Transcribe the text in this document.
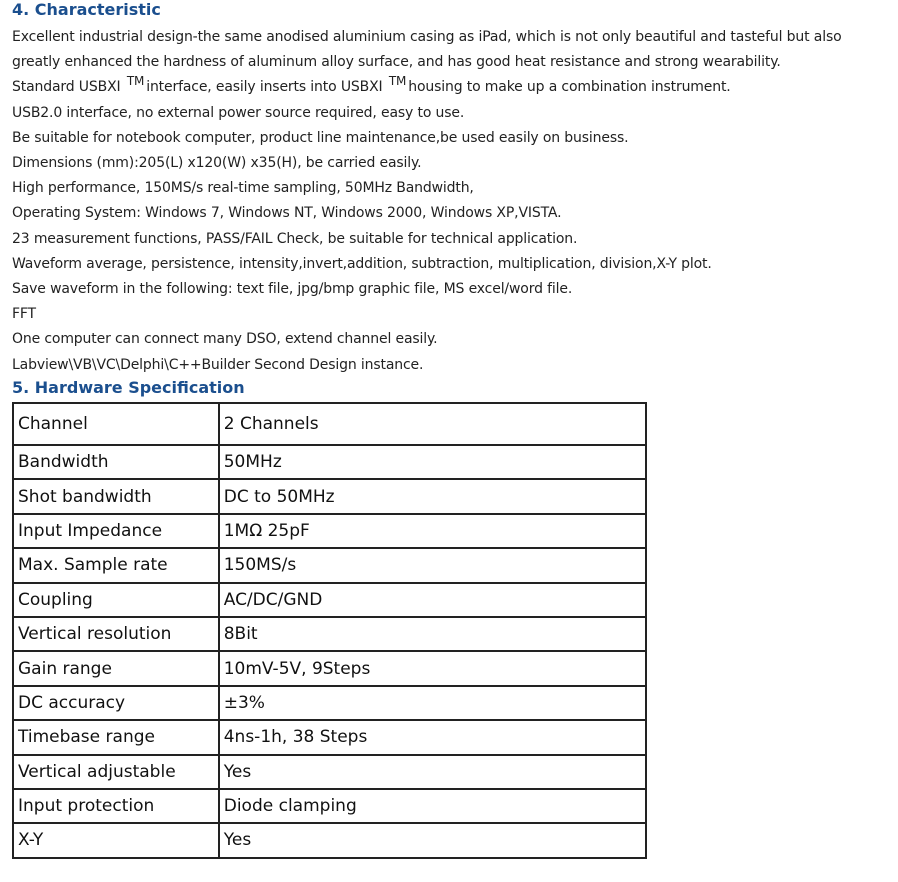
4. Characteristic
Excellent industrial design-the same anodised aluminium casing as iPad, which is not only beautiful and tasteful but also greatly enhanced the hardness of aluminum alloy surface, and has good heat resistance and strong wearability.
Standard USBXI TM interface, easily inserts into USBXI TM housing to make up a combination instrument.
USB2.0 interface, no external power source required, easy to use.
Be suitable for notebook computer, product line maintenance,be used easily on business.
Dimensions (mm):205(L) x120(W) x35(H), be carried easily.
High performance, 150MS/s real-time sampling, 50MHz Bandwidth,
Operating System: Windows 7, Windows NT, Windows 2000, Windows XP,VISTA.
23 measurement functions, PASS/FAIL Check, be suitable for technical application.
Waveform average, persistence, intensity,invert,addition, subtraction, multiplication, division,X-Y plot.
Save waveform in the following: text file, jpg/bmp graphic file, MS excel/word file.
FFT
One computer can connect many DSO, extend channel easily.
Labview\VB\VC\Delphi\C++Builder Second Design instance.
5. Hardware Specification
Channel	2 Channels
Bandwidth	50MHz
Shot bandwidth	DC to 50MHz
Input Impedance	1MΩ 25pF
Max. Sample rate	150MS/s
Coupling	AC/DC/GND
Vertical resolution	8Bit
Gain range	10mV-5V, 9Steps
DC accuracy	±3%
Timebase range	4ns-1h, 38 Steps
Vertical adjustable	Yes
Input protection	Diode clamping
X-Y	Yes
